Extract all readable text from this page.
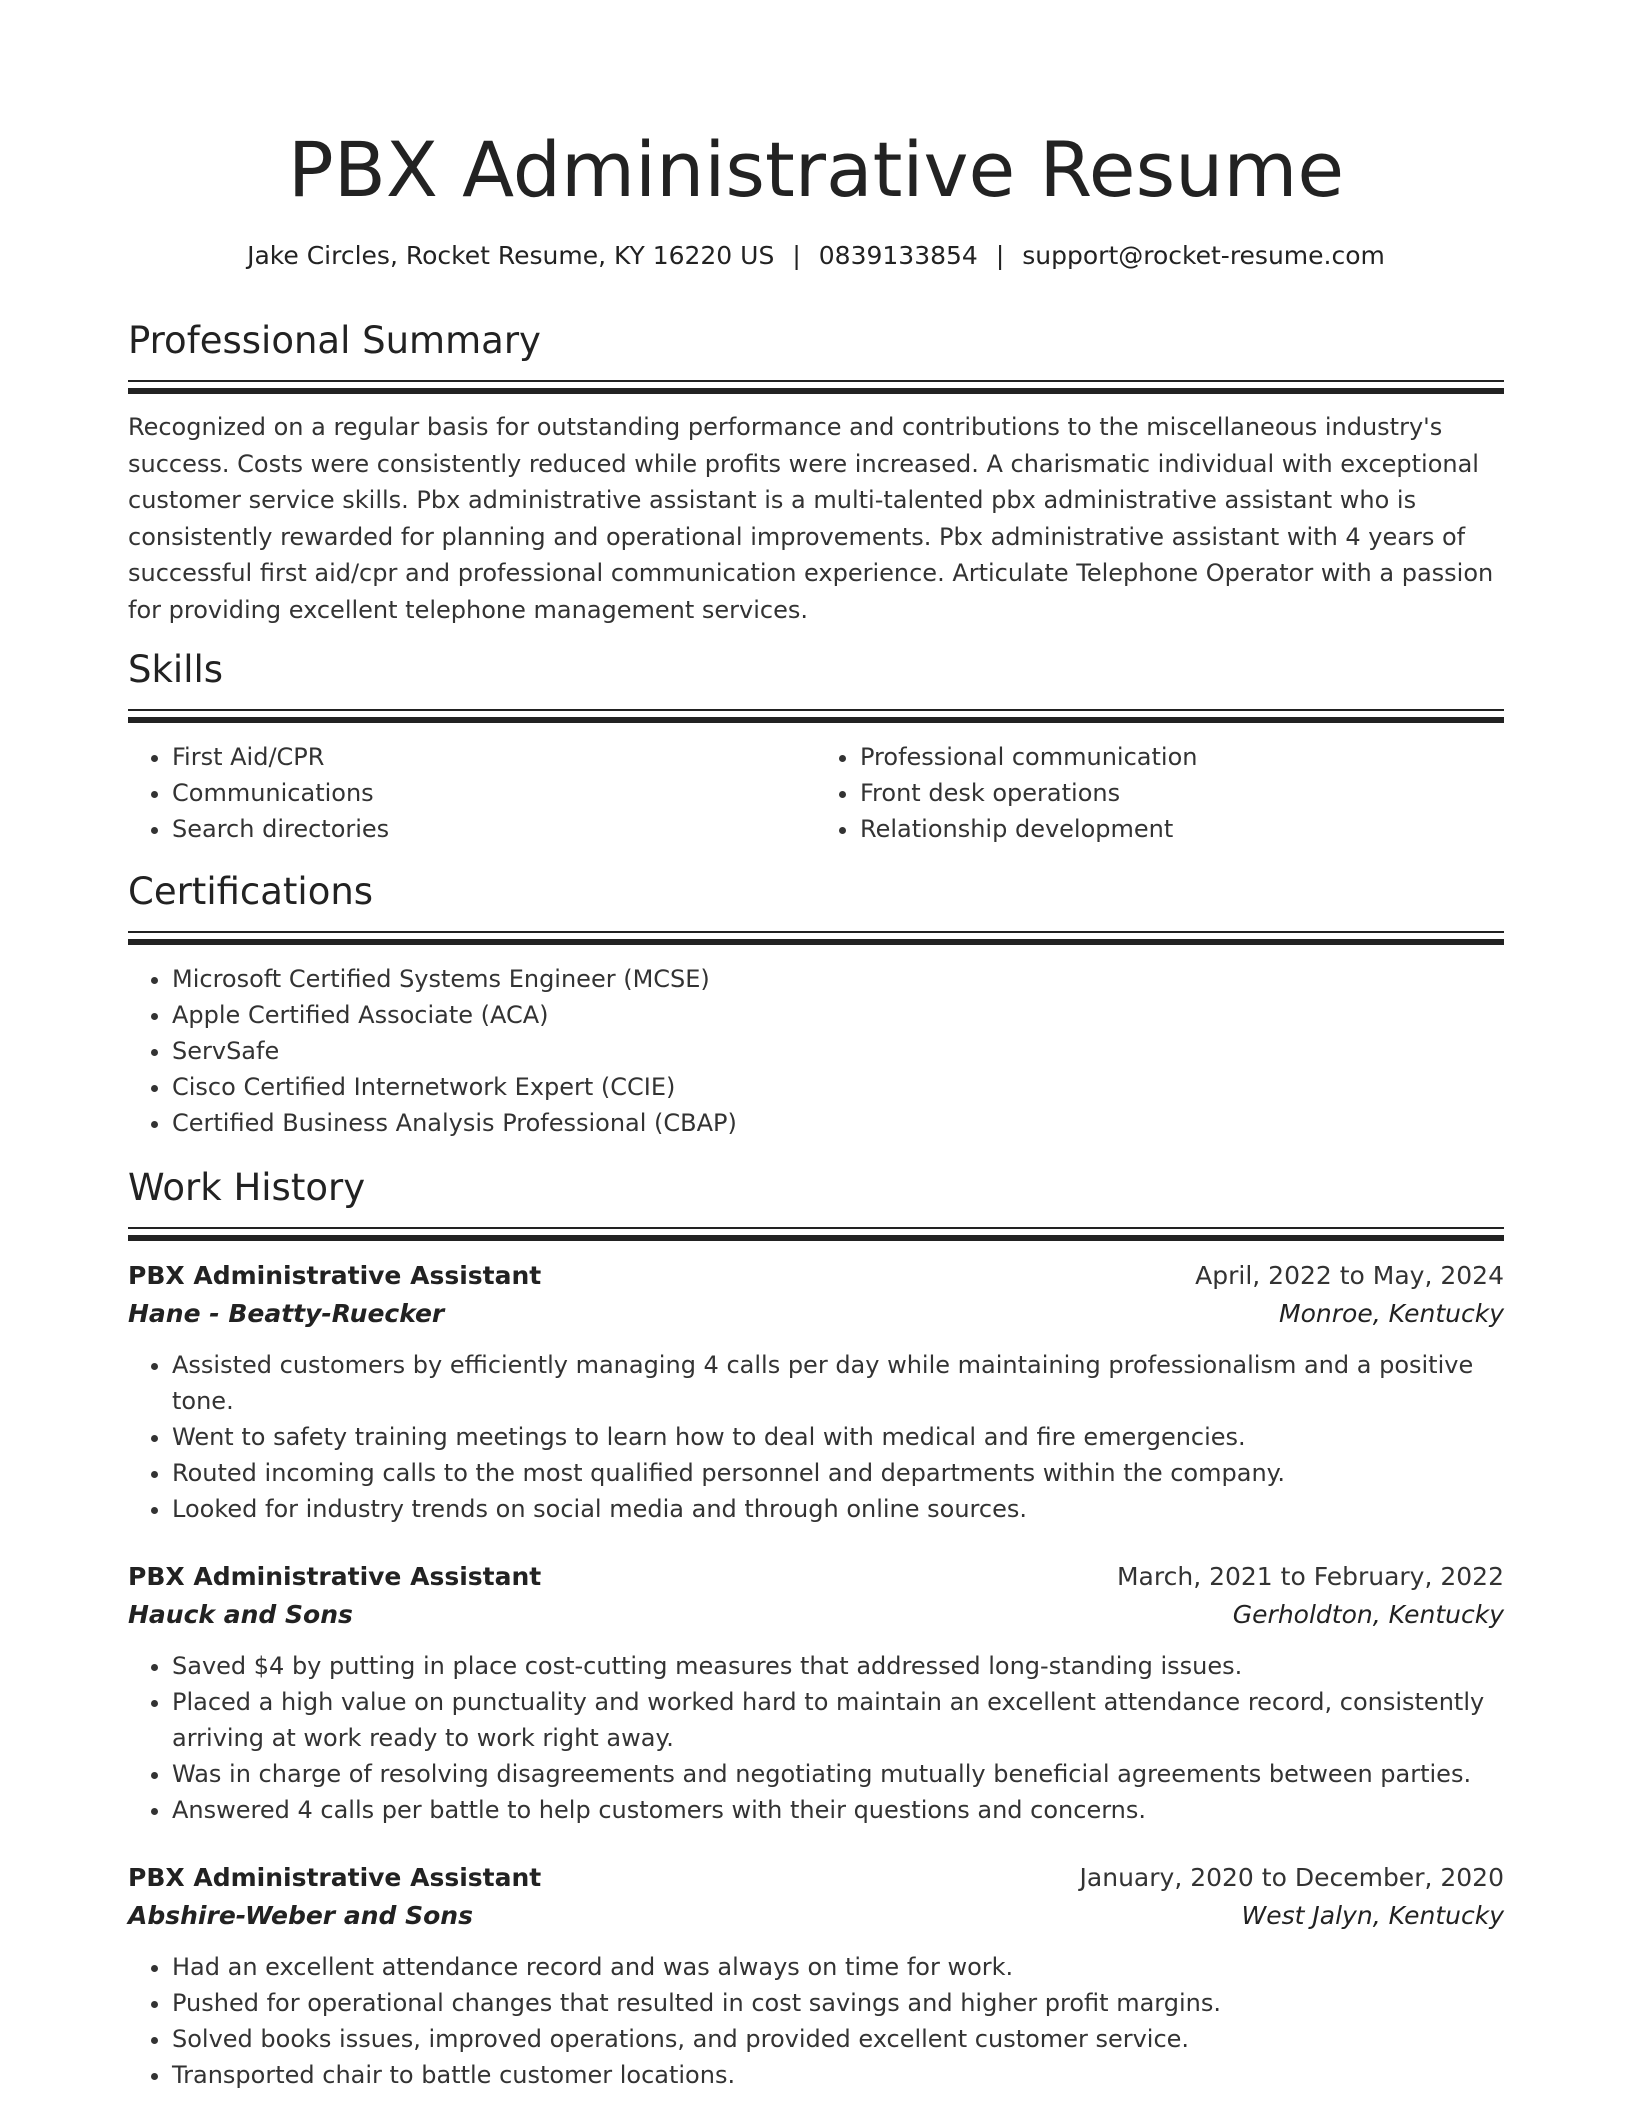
PBX Administrative Resume
Jake Circles, Rocket Resume, KY 16220 US | 0839133854 | support@rocket-resume.com
Professional Summary
Recognized on a regular basis for outstanding performance and contributions to the miscellaneous industry's success. Costs were consistently reduced while profits were increased. A charismatic individual with exceptional customer service skills. Pbx administrative assistant is a multi-talented pbx administrative assistant who is consistently rewarded for planning and operational improvements. Pbx administrative assistant with 4 years of successful first aid/cpr and professional communication experience. Articulate Telephone Operator with a passion for providing excellent telephone management services.
Skills
• First Aid/CPR
• Communications
• Search directories
• Professional communication
• Front desk operations
• Relationship development
Certifications
• Microsoft Certified Systems Engineer (MCSE)
• Apple Certified Associate (ACA)
• ServSafe
• Cisco Certified Internetwork Expert (CCIE)
• Certified Business Analysis Professional (CBAP)
Work History
PBX Administrative Assistant	April, 2022 to May, 2024
Hane - Beatty-Ruecker	Monroe, Kentucky
• Assisted customers by efficiently managing 4 calls per day while maintaining professionalism and a positive tone.
• Went to safety training meetings to learn how to deal with medical and fire emergencies.
• Routed incoming calls to the most qualified personnel and departments within the company.
• Looked for industry trends on social media and through online sources.
PBX Administrative Assistant	March, 2021 to February, 2022
Hauck and Sons	Gerholdton, Kentucky
• Saved $4 by putting in place cost-cutting measures that addressed long-standing issues.
• Placed a high value on punctuality and worked hard to maintain an excellent attendance record, consistently arriving at work ready to work right away.
• Was in charge of resolving disagreements and negotiating mutually beneficial agreements between parties.
• Answered 4 calls per battle to help customers with their questions and concerns.
PBX Administrative Assistant	January, 2020 to December, 2020
Abshire-Weber and Sons	West Jalyn, Kentucky
• Had an excellent attendance record and was always on time for work.
• Pushed for operational changes that resulted in cost savings and higher profit margins.
• Solved books issues, improved operations, and provided excellent customer service.
• Transported chair to battle customer locations.
